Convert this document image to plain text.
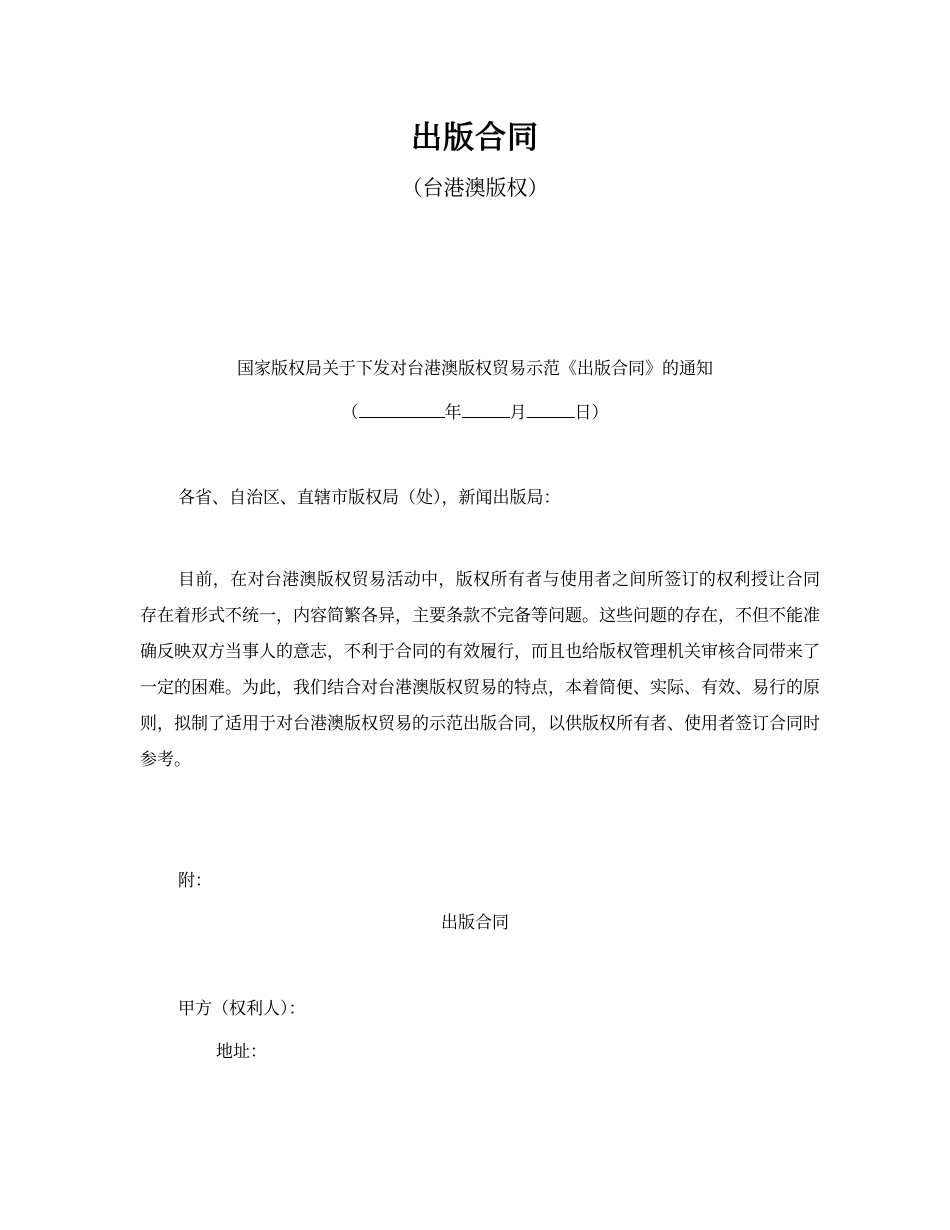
出版合同

（台港澳版权）

国家版权局关于下发对台港澳版权贸易示范《出版合同》的通知

（	年	月	日）

各省、自治区、直辖市版权局（处），新闻出版局：

目前，在对台港澳版权贸易活动中，版权所有者与使用者之间所签订的权利授让合同存在着形式不统一，内容简繁各异，主要条款不完备等问题。这些问题的存在，不但不能准确反映双方当事人的意志，不利于合同的有效履行，而且也给版权管理机关审核合同带来了一定的困难。为此，我们结合对台港澳版权贸易的特点，本着简便、实际、有效、易行的原则，拟制了适用于对台港澳版权贸易的示范出版合同，以供版权所有者、使用者签订合同时参考。

附：

出版合同

甲方（权利人）：

地址：
